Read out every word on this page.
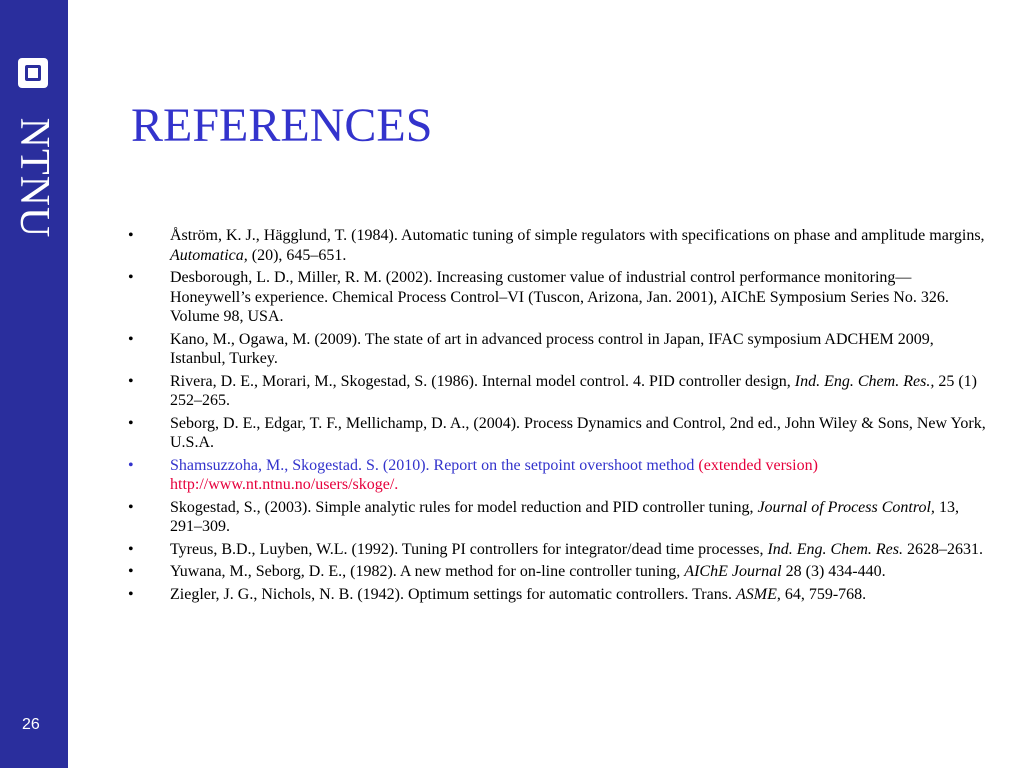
NTNU
26
REFERENCES
• Åström, K. J., Hägglund, T. (1984). Automatic tuning of simple regulators with specifications on phase and amplitude margins, Automatica, (20), 645–651.
• Desborough, L. D., Miller, R. M. (2002). Increasing customer value of industrial control performance monitoring—Honeywell’s experience. Chemical Process Control–VI (Tuscon, Arizona, Jan. 2001), AIChE Symposium Series No. 326. Volume 98, USA.
• Kano, M., Ogawa, M. (2009). The state of art in advanced process control in Japan, IFAC symposium ADCHEM 2009, Istanbul, Turkey.
• Rivera, D. E., Morari, M., Skogestad, S. (1986). Internal model control. 4. PID controller design, Ind. Eng. Chem. Res., 25 (1) 252–265.
• Seborg, D. E., Edgar, T. F., Mellichamp, D. A., (2004). Process Dynamics and Control, 2nd ed., John Wiley & Sons, New York, U.S.A.
• Shamsuzzoha, M., Skogestad. S. (2010). Report on the setpoint overshoot method (extended version) http://www.nt.ntnu.no/users/skoge/.
• Skogestad, S., (2003). Simple analytic rules for model reduction and PID controller tuning, Journal of Process Control, 13, 291–309.
• Tyreus, B.D., Luyben, W.L. (1992). Tuning PI controllers for integrator/dead time processes, Ind. Eng. Chem. Res. 2628–2631.
• Yuwana, M., Seborg, D. E., (1982). A new method for on-line controller tuning, AIChE Journal 28 (3) 434-440.
• Ziegler, J. G., Nichols, N. B. (1942). Optimum settings for automatic controllers. Trans. ASME, 64, 759-768.
